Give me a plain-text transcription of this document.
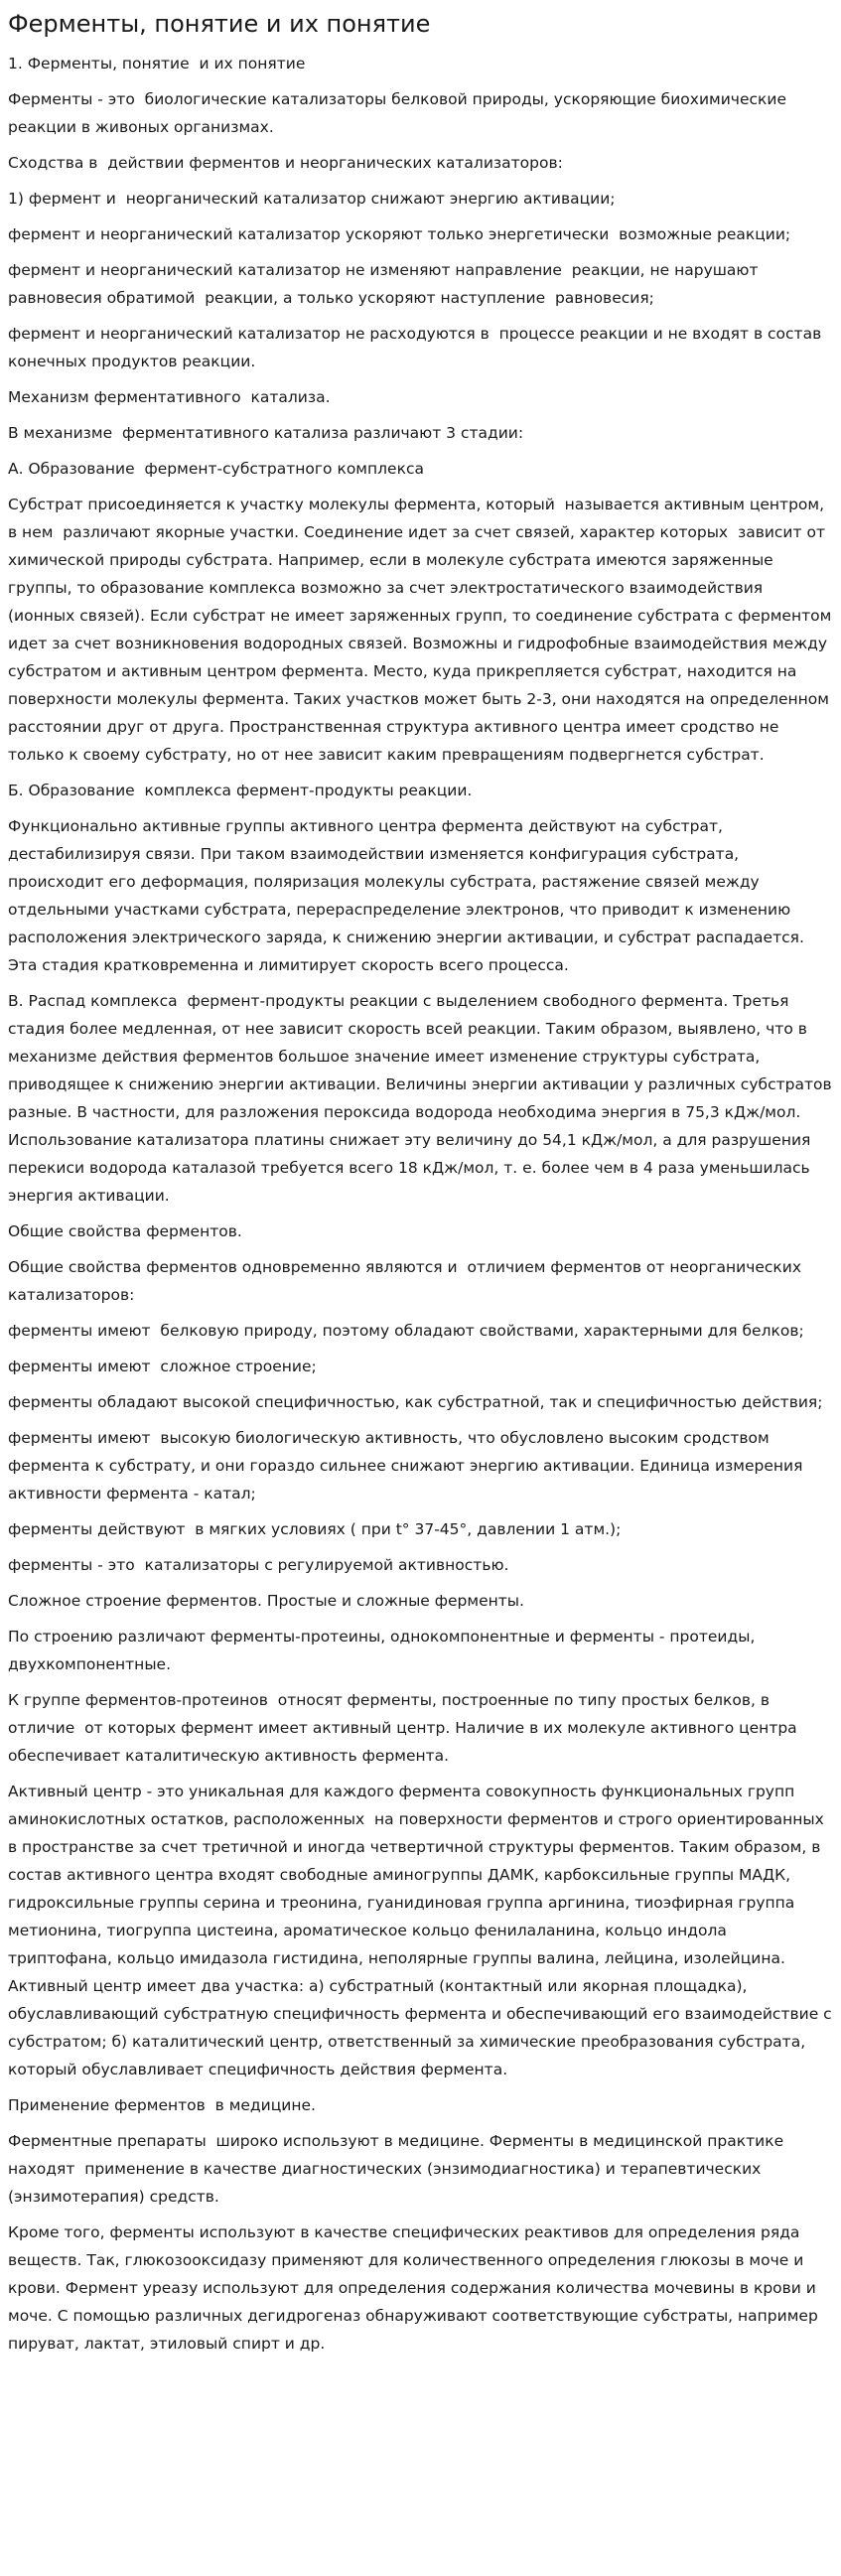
Ферменты, понятие и их понятие

1. Ферменты, понятие  и их понятие

Ферменты - это  биологические катализаторы белковой природы, ускоряющие биохимические реакции в живоных организмах.

Сходства в  действии ферментов и неорганических катализаторов:

1) фермент и  неорганический катализатор снижают энергию активации;

фермент и неорганический катализатор ускоряют только энергетически  возможные реакции;

фермент и неорганический катализатор не изменяют направление  реакции, не нарушают равновесия обратимой  реакции, а только ускоряют наступление  равновесия;

фермент и неорганический катализатор не расходуются в  процессе реакции и не входят в состав конечных продуктов реакции.

Механизм ферментативного  катализа.

В механизме  ферментативного катализа различают 3 стадии:

А. Образование  фермент-субстратного комплекса

Субстрат присоединяется к участку молекулы фермента, который  называется активным центром, в нем  различают якорные участки. Соединение идет за счет связей, характер которых  зависит от химической природы субстрата. Например, если в молекуле субстрата имеются заряженные группы, то образование комплекса возможно за счет электростатического взаимодействия (ионных связей). Если субстрат не имеет заряженных групп, то соединение субстрата с ферментом идет за счет возникновения водородных связей. Возможны и гидрофобные взаимодействия между субстратом и активным центром фермента. Место, куда прикрепляется субстрат, находится на поверхности молекулы фермента. Таких участков может быть 2-3, они находятся на определенном расстоянии друг от друга. Пространственная структура активного центра имеет сродство не только к своему субстрату, но от нее зависит каким превращениям подвергнется субстрат.

Б. Образование  комплекса фермент-продукты реакции.

Функционально активные группы активного центра фермента действуют на субстрат, дестабилизируя связи. При таком взаимодействии изменяется конфигурация субстрата, происходит его деформация, поляризация молекулы субстрата, растяжение связей между отдельными участками субстрата, перераспределение электронов, что приводит к изменению расположения электрического заряда, к снижению энергии активации, и субстрат распадается. Эта стадия кратковременна и лимитирует скорость всего процесса.

В. Распад комплекса  фермент-продукты реакции с выделением свободного фермента. Третья стадия более медленная, от нее зависит скорость всей реакции. Таким образом, выявлено, что в механизме действия ферментов большое значение имеет изменение структуры субстрата, приводящее к снижению энергии активации. Величины энергии активации у различных субстратов разные. В частности, для разложения пероксида водорода необходима энергия в 75,3 кДж/мол. Использование катализатора платины снижает эту величину до 54,1 кДж/мол, а для разрушения перекиси водорода каталазой требуется всего 18 кДж/мол, т. е. более чем в 4 раза уменьшилась энергия активации.

Общие свойства ферментов.

Общие свойства ферментов одновременно являются и  отличием ферментов от неорганических катализаторов:

ферменты имеют  белковую природу, поэтому обладают свойствами, характерными для белков;

ферменты имеют  сложное строение;

ферменты обладают высокой специфичностью, как субстратной, так и специфичностью действия;

ферменты имеют  высокую биологическую активность, что обусловлено высоким сродством фермента к субстрату, и они гораздо сильнее снижают энергию активации. Единица измерения активности фермента - катал;

ферменты действуют  в мягких условиях ( при t° 37-45°, давлении 1 атм.);

ферменты - это  катализаторы с регулируемой активностью.

Сложное строение ферментов. Простые и сложные ферменты.

По строению различают ферменты-протеины, однокомпонентные и ферменты - протеиды, двухкомпонентные.

К группе ферментов-протеинов  относят ферменты, построенные по типу простых белков, в отличие  от которых фермент имеет активный центр. Наличие в их молекуле активного центра обеспечивает каталитическую активность фермента.

Активный центр - это уникальная для каждого фермента совокупность функциональных групп аминокислотных остатков, расположенных  на поверхности ферментов и строго ориентированных в пространстве за счет третичной и иногда четвертичной структуры ферментов. Таким образом, в состав активного центра входят свободные аминогруппы ДАМК, карбоксильные группы МАДК, гидроксильные группы серина и треонина, гуанидиновая группа аргинина, тиоэфирная группа метионина, тиогруппа цистеина, ароматическое кольцо фенилаланина, кольцо индола триптофана, кольцо имидазола гистидина, неполярные группы валина, лейцина, изолейцина. Активный центр имеет два участка: а) субстратный (контактный или якорная площадка), обуславливающий субстратную специфичность фермента и обеспечивающий его взаимодействие с субстратом; б) каталитический центр, ответственный за химические преобразования субстрата, который обуславливает специфичность действия фермента.

Применение ферментов  в медицине.

Ферментные препараты  широко используют в медицине. Ферменты в медицинской практике находят  применение в качестве диагностических (энзимодиагностика) и терапевтических (энзимотерапия) средств.

Кроме того, ферменты используют в качестве специфических реактивов для определения ряда веществ. Так, глюкозооксидазу применяют для количественного определения глюкозы в моче и крови. Фермент уреазу используют для определения содержания количества мочевины в крови и моче. С помощью различных дегидрогеназ обнаруживают соответствующие субстраты, например пируват, лактат, этиловый спирт и др.
